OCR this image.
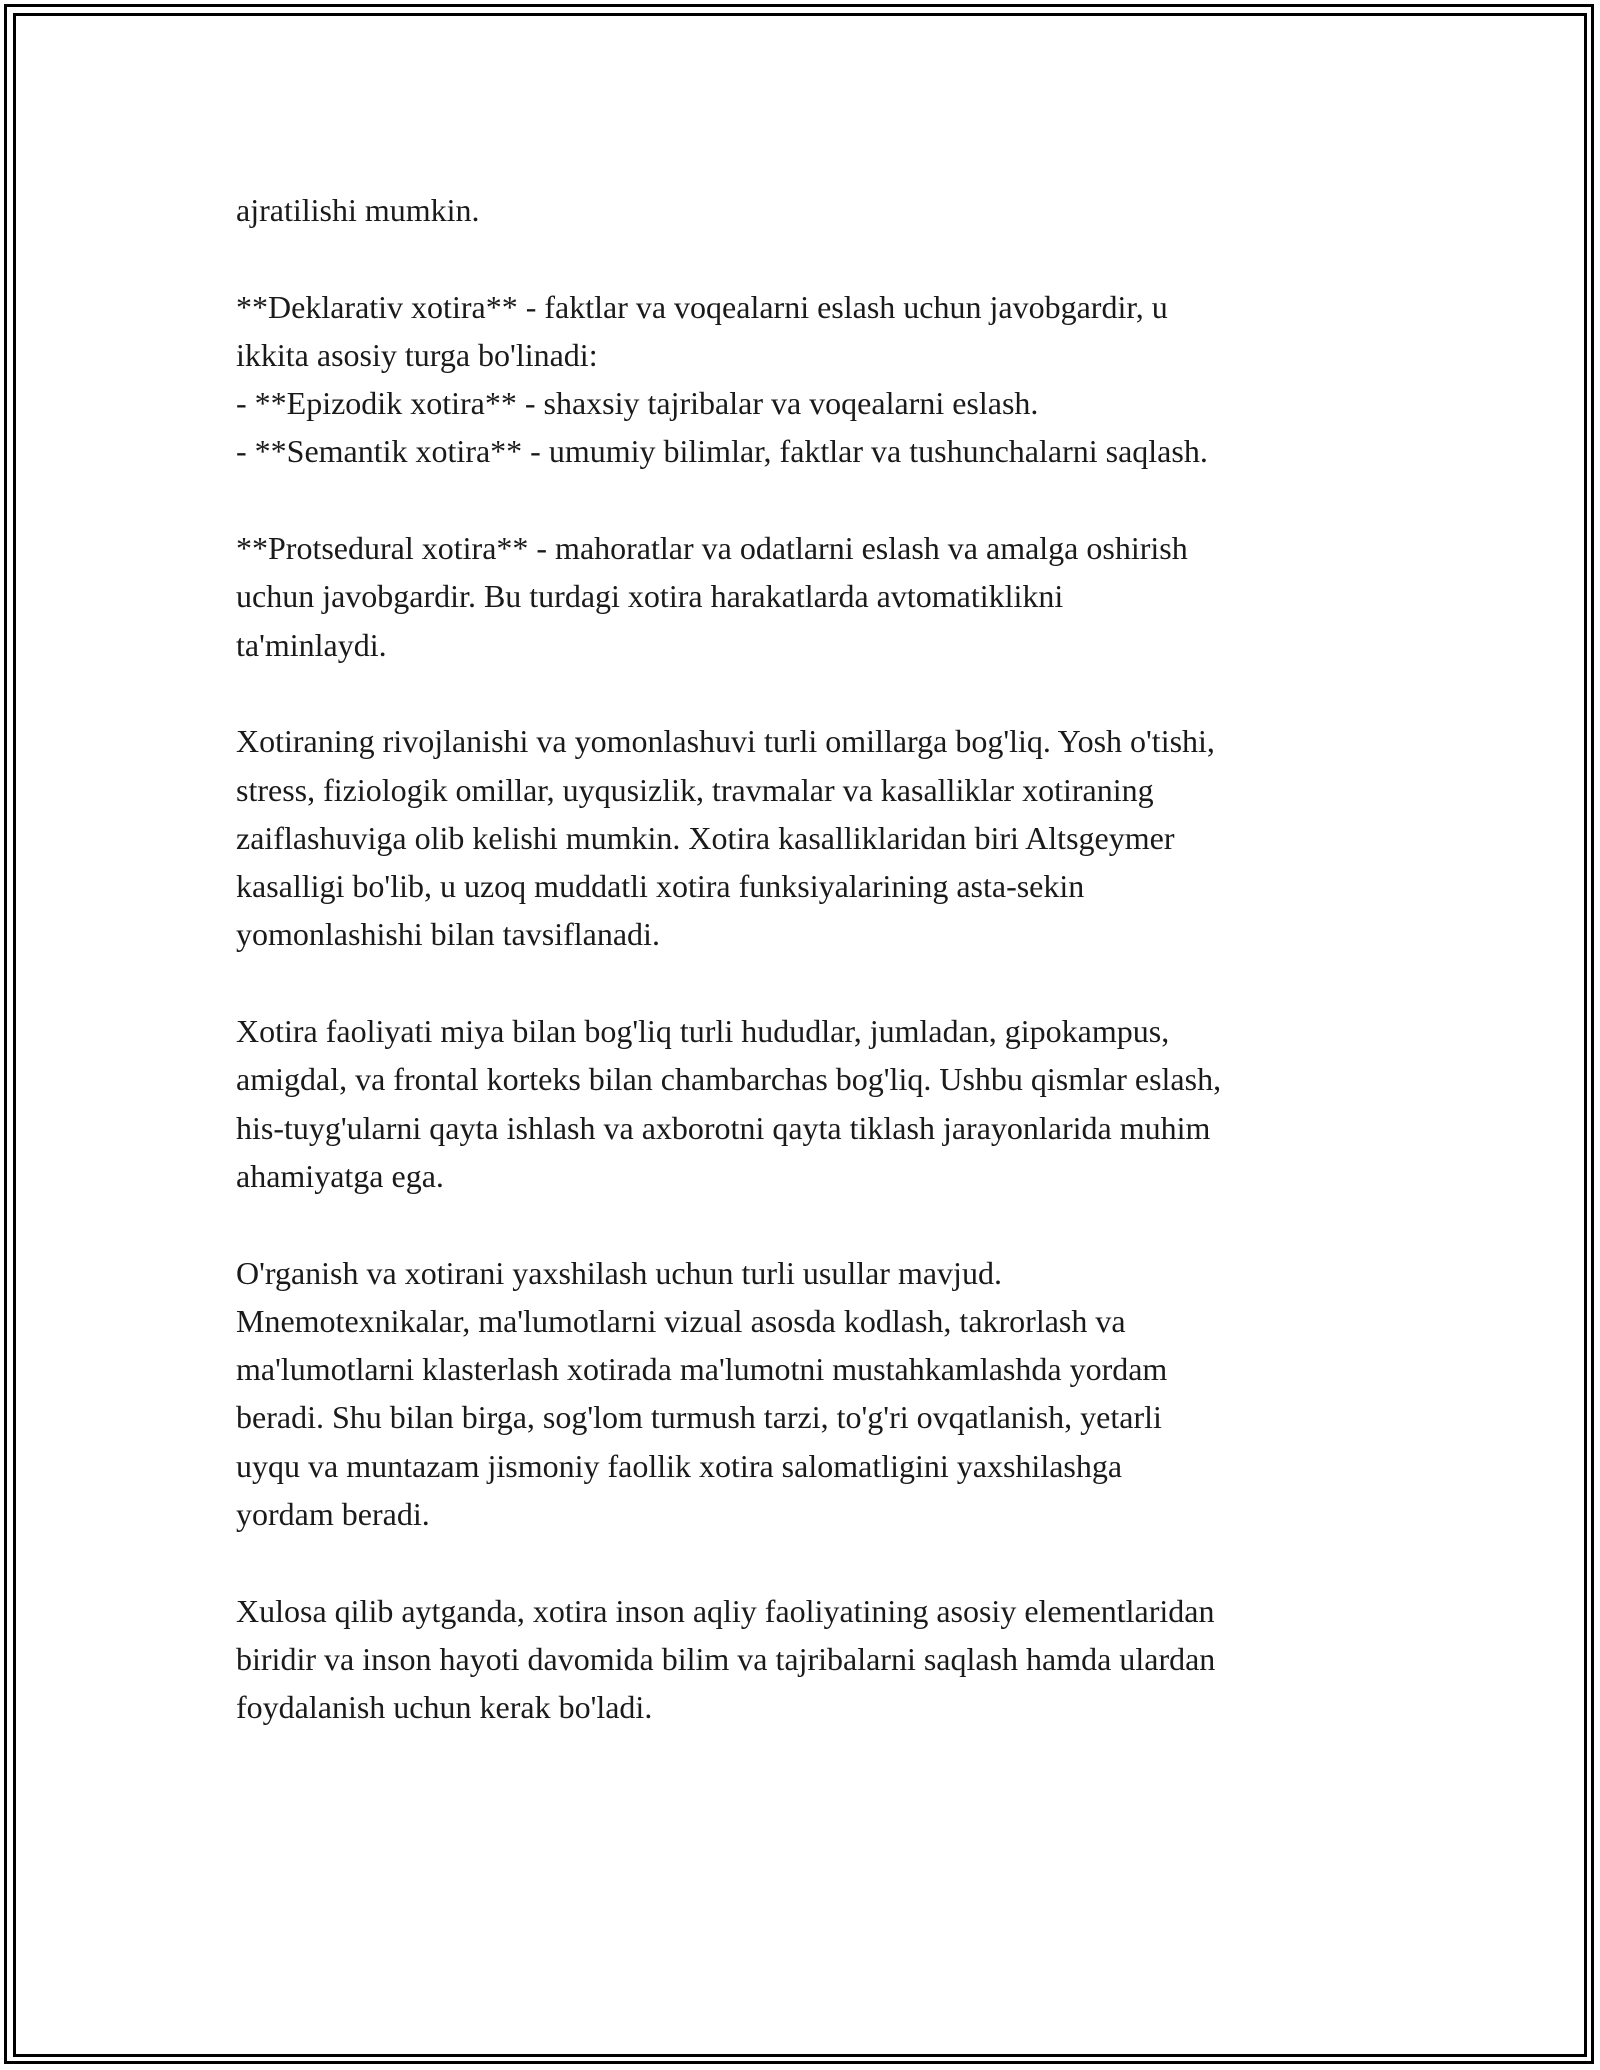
ajratilishi mumkin.
**Deklarativ xotira** - faktlar va voqealarni eslash uchun javobgardir, u
ikkita asosiy turga bo'linadi:
- **Epizodik xotira** - shaxsiy tajribalar va voqealarni eslash.
- **Semantik xotira** - umumiy bilimlar, faktlar va tushunchalarni saqlash.
**Protsedural xotira** - mahoratlar va odatlarni eslash va amalga oshirish
uchun javobgardir. Bu turdagi xotira harakatlarda avtomatiklikni
ta'minlaydi.
Xotiraning rivojlanishi va yomonlashuvi turli omillarga bog'liq. Yosh o'tishi,
stress, fiziologik omillar, uyqusizlik, travmalar va kasalliklar xotiraning
zaiflashuviga olib kelishi mumkin. Xotira kasalliklaridan biri Altsgeymer
kasalligi bo'lib, u uzoq muddatli xotira funksiyalarining asta-sekin
yomonlashishi bilan tavsiflanadi.
Xotira faoliyati miya bilan bog'liq turli hududlar, jumladan, gipokampus,
amigdal, va frontal korteks bilan chambarchas bog'liq. Ushbu qismlar eslash,
his-tuyg'ularni qayta ishlash va axborotni qayta tiklash jarayonlarida muhim
ahamiyatga ega.
O'rganish va xotirani yaxshilash uchun turli usullar mavjud.
Mnemotexnikalar, ma'lumotlarni vizual asosda kodlash, takrorlash va
ma'lumotlarni klasterlash xotirada ma'lumotni mustahkamlashda yordam
beradi. Shu bilan birga, sog'lom turmush tarzi, to'g'ri ovqatlanish, yetarli
uyqu va muntazam jismoniy faollik xotira salomatligini yaxshilashga
yordam beradi.
Xulosa qilib aytganda, xotira inson aqliy faoliyatining asosiy elementlaridan
biridir va inson hayoti davomida bilim va tajribalarni saqlash hamda ulardan
foydalanish uchun kerak bo'ladi.
